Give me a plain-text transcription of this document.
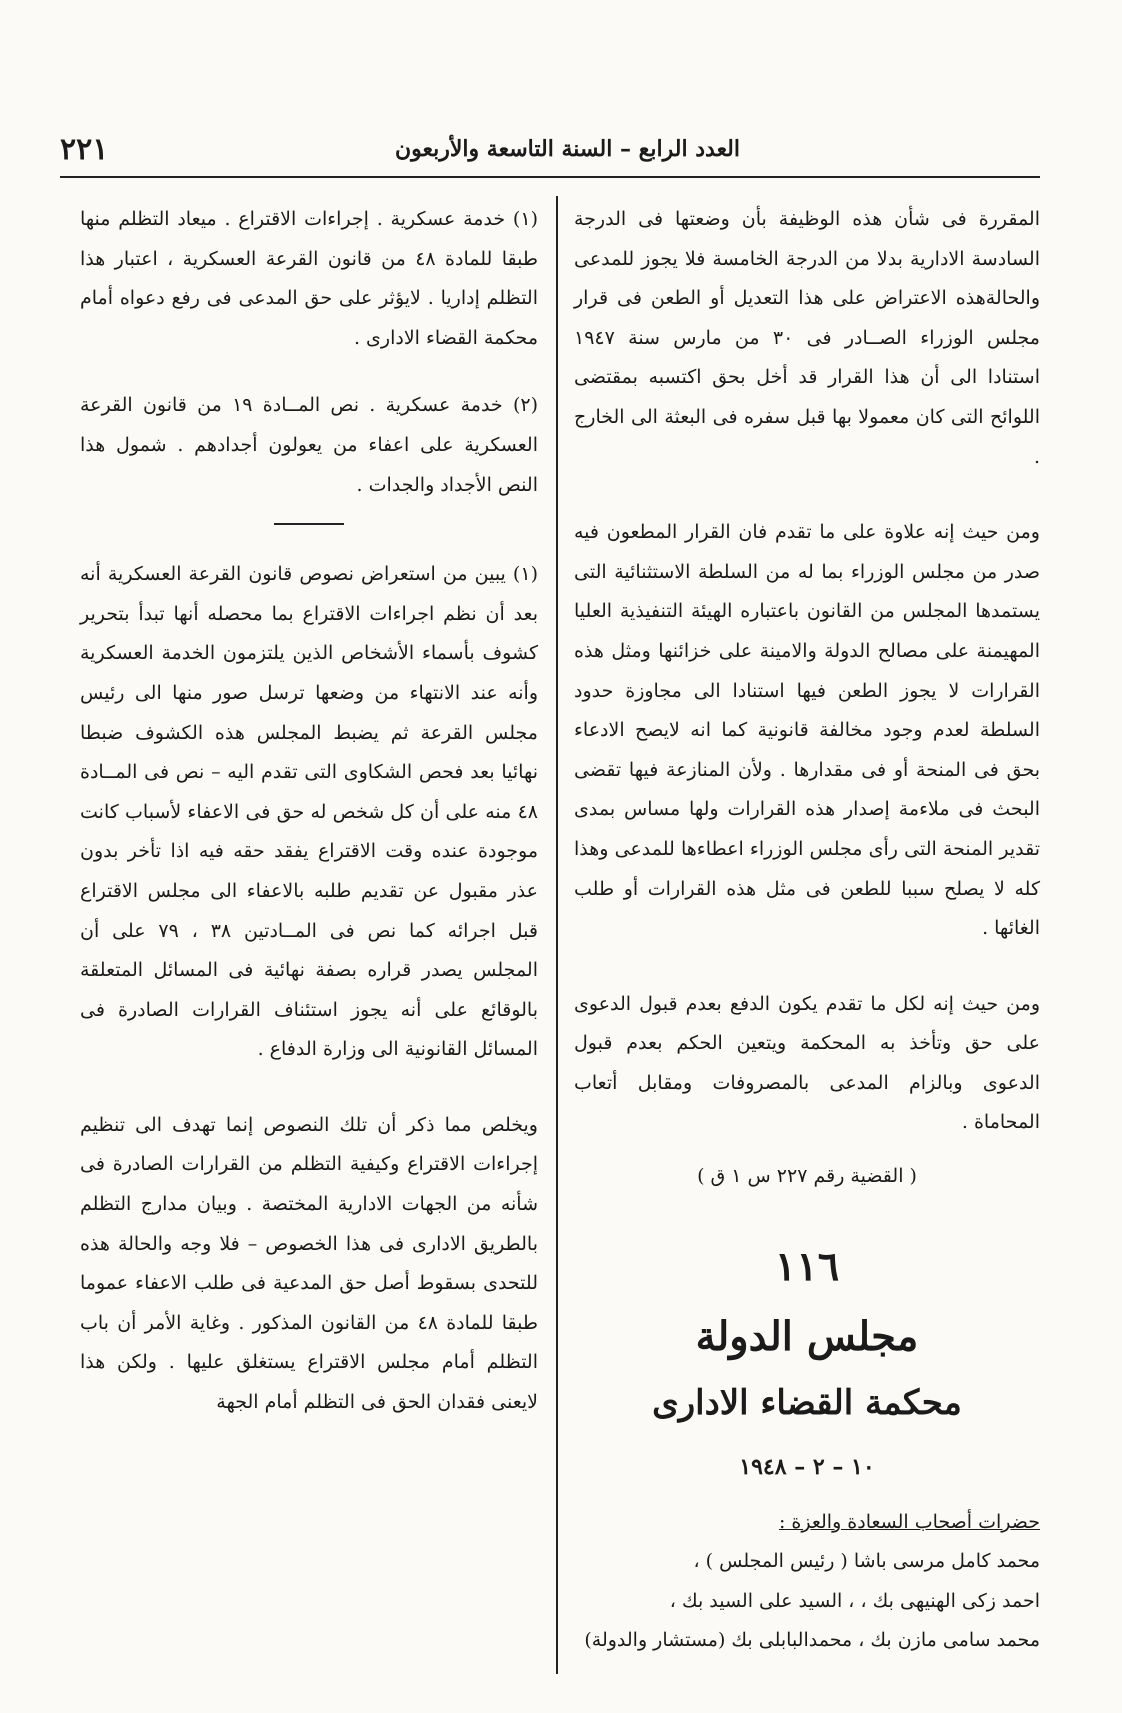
العدد الرابع – السنة التاسعة والأربعون
٢٢١

المقررة فى شأن هذه الوظيفة بأن وضعتها فى الدرجة السادسة الادارية بدلا من الدرجة الخامسة فلا يجوز للمدعى والحالةهذه الاعتراض على هذا التعديل أو الطعن فى قرار مجلس الوزراء الصــادر فى ٣٠ من مارس سنة ١٩٤٧ استنادا الى أن هذا القرار قد أخل بحق اكتسبه بمقتضى اللوائح التى كان معمولا بها قبل سفره فى البعثة الى الخارج .

ومن حيث إنه علاوة على ما تقدم فان القرار المطعون فيه صدر من مجلس الوزراء بما له من السلطة الاستثنائية التى يستمدها المجلس من القانون باعتباره الهيئة التنفيذية العليا المهيمنة على مصالح الدولة والامينة على خزائنها ومثل هذه القرارات لا يجوز الطعن فيها استنادا الى مجاوزة حدود السلطة لعدم وجود مخالفة قانونية كما انه لايصح الادعاء بحق فى المنحة أو فى مقدارها . ولأن المنازعة فيها تقضى البحث فى ملاءمة إصدار هذه القرارات ولها مساس بمدى تقدير المنحة التى رأى مجلس الوزراء اعطاءها للمدعى وهذا كله لا يصلح سببا للطعن فى مثل هذه القرارات أو طلب الغائها .

ومن حيث إنه لكل ما تقدم يكون الدفع بعدم قبول الدعوى على حق وتأخذ به المحكمة ويتعين الحكم بعدم قبول الدعوى وبالزام المدعى بالمصروفات ومقابل أتعاب المحاماة .

( القضية رقم ٢٢٧ س ١ ق )

١١٦
مجلس الدولة
محكمة القضاء الادارى
١٠ – ٢ – ١٩٤٨

حضرات أصحاب السعادة والعزة :

محمد كامل مرسى باشا ( رئيس المجلس ) ،

احمد زكى الهنيهى بك ، ، السيد على السيد بك ،

محمد سامى مازن بك ، محمدالبابلى بك (مستشار والدولة)

(١) خدمة عسكرية . إجراءات الاقتراع . ميعاد التظلم منها طبقا للمادة ٤٨ من قانون القرعة العسكرية ، اعتبار هذا التظلم إداريا . لايؤثر على حق المدعى فى رفع دعواه أمام محكمة القضاء الادارى .

(٢) خدمة عسكرية . نص المــادة ١٩ من قانون القرعة العسكرية على اعفاء من يعولون أجدادهم . شمول هذا النص الأجداد والجدات .

(١) يبين من استعراض نصوص قانون القرعة العسكرية أنه بعد أن نظم اجراءات الاقتراع بما محصله أنها تبدأ بتحرير كشوف بأسماء الأشخاص الذين يلتزمون الخدمة العسكرية وأنه عند الانتهاء من وضعها ترسل صور منها الى رئيس مجلس القرعة ثم يضبط المجلس هذه الكشوف ضبطا نهائيا بعد فحص الشكاوى التى تقدم اليه – نص فى المــادة ٤٨ منه على أن كل شخص له حق فى الاعفاء لأسباب كانت موجودة عنده وقت الاقتراع يفقد حقه فيه اذا تأخر بدون عذر مقبول عن تقديم طلبه بالاعفاء الى مجلس الاقتراع قبل اجرائه كما نص فى المــادتين ٣٨ ، ٧٩ على أن المجلس يصدر قراره بصفة نهائية فى المسائل المتعلقة بالوقائع على أنه يجوز استئناف القرارات الصادرة فى المسائل القانونية الى وزارة الدفاع .

ويخلص مما ذكر أن تلك النصوص إنما تهدف الى تنظيم إجراءات الاقتراع وكيفية التظلم من القرارات الصادرة فى شأنه من الجهات الادارية المختصة . وبيان مدارج التظلم بالطريق الادارى فى هذا الخصوص – فلا وجه والحالة هذه للتحدى بسقوط أصل حق المدعية فى طلب الاعفاء عموما طبقا للمادة ٤٨ من القانون المذكور . وغاية الأمر أن باب التظلم أمام مجلس الاقتراع يستغلق عليها . ولكن هذا لايعنى فقدان الحق فى التظلم أمام الجهة
